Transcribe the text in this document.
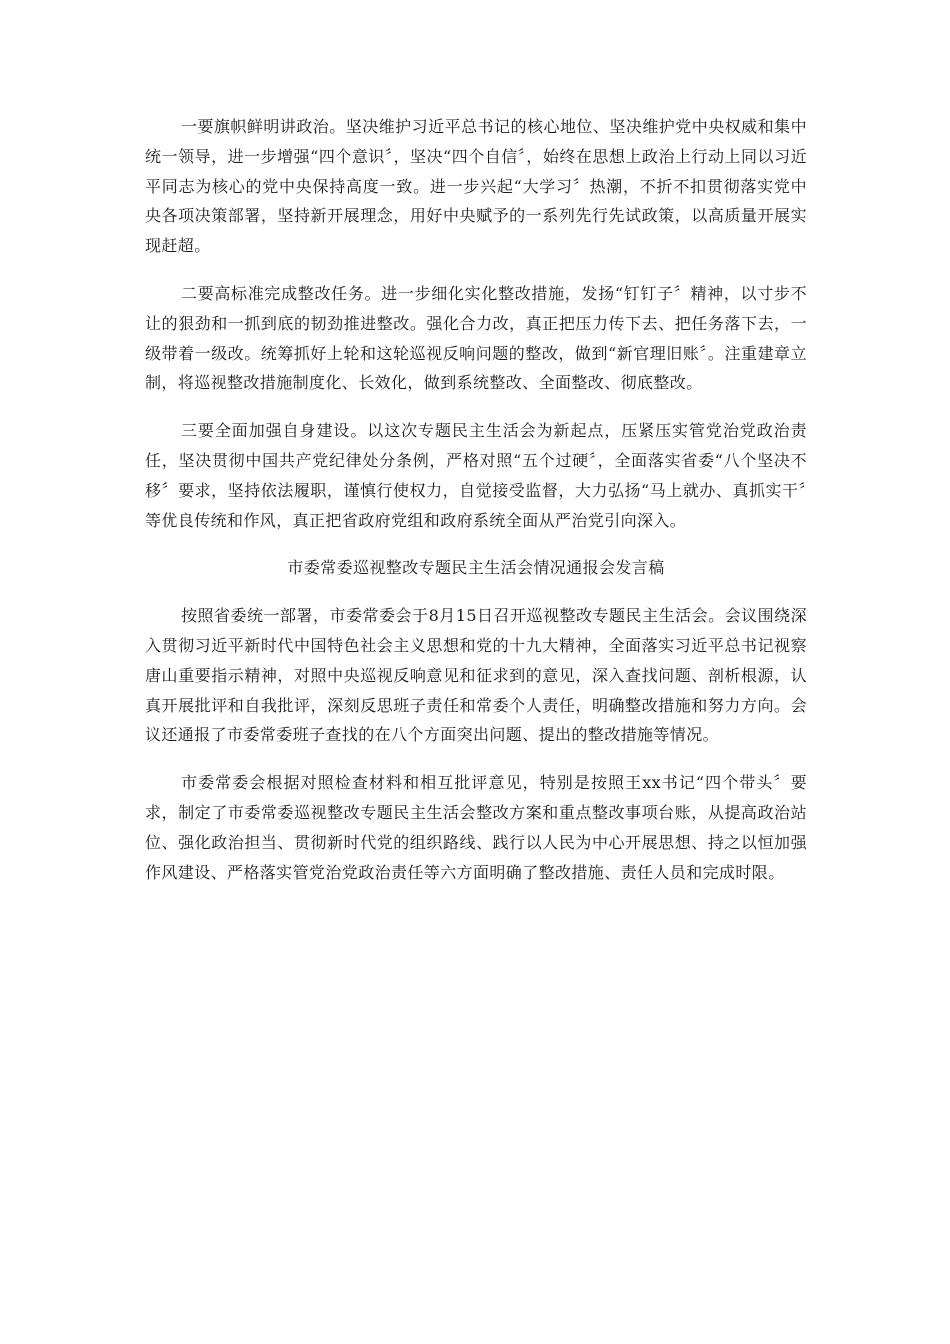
一要旗帜鲜明讲政治。坚决维护习近平总书记的核心地位、坚决维护党中央权威和集中统一领导，进一步增强“四个意识〞，坚决“四个自信〞，始终在思想上政治上行动上同以习近平同志为核心的党中央保持高度一致。进一步兴起“大学习〞热潮，不折不扣贯彻落实党中央各项决策部署，坚持新开展理念，用好中央赋予的一系列先行先试政策，以高质量开展实现赶超。

二要高标准完成整改任务。进一步细化实化整改措施，发扬“钉钉子〞精神，以寸步不让的狠劲和一抓到底的韧劲推进整改。强化合力改，真正把压力传下去、把任务落下去，一级带着一级改。统筹抓好上轮和这轮巡视反响问题的整改，做到“新官理旧账〞。注重建章立制，将巡视整改措施制度化、长效化，做到系统整改、全面整改、彻底整改。

三要全面加强自身建设。以这次专题民主生活会为新起点，压紧压实管党治党政治责任，坚决贯彻中国共产党纪律处分条例，严格对照“五个过硬〞，全面落实省委“八个坚决不移〞要求，坚持依法履职，谨慎行使权力，自觉接受监督，大力弘扬“马上就办、真抓实干〞等优良传统和作风，真正把省政府党组和政府系统全面从严治党引向深入。

市委常委巡视整改专题民主生活会情况通报会发言稿

按照省委统一部署，市委常委会于8月15日召开巡视整改专题民主生活会。会议围绕深入贯彻习近平新时代中国特色社会主义思想和党的十九大精神，全面落实习近平总书记视察唐山重要指示精神，对照中央巡视反响意见和征求到的意见，深入查找问题、剖析根源，认真开展批评和自我批评，深刻反思班子责任和常委个人责任，明确整改措施和努力方向。会议还通报了市委常委班子查找的在八个方面突出问题、提出的整改措施等情况。

市委常委会根据对照检查材料和相互批评意见，特别是按照王xx书记“四个带头〞要求，制定了市委常委巡视整改专题民主生活会整改方案和重点整改事项台账，从提高政治站位、强化政治担当、贯彻新时代党的组织路线、践行以人民为中心开展思想、持之以恒加强作风建设、严格落实管党治党政治责任等六方面明确了整改措施、责任人员和完成时限。
